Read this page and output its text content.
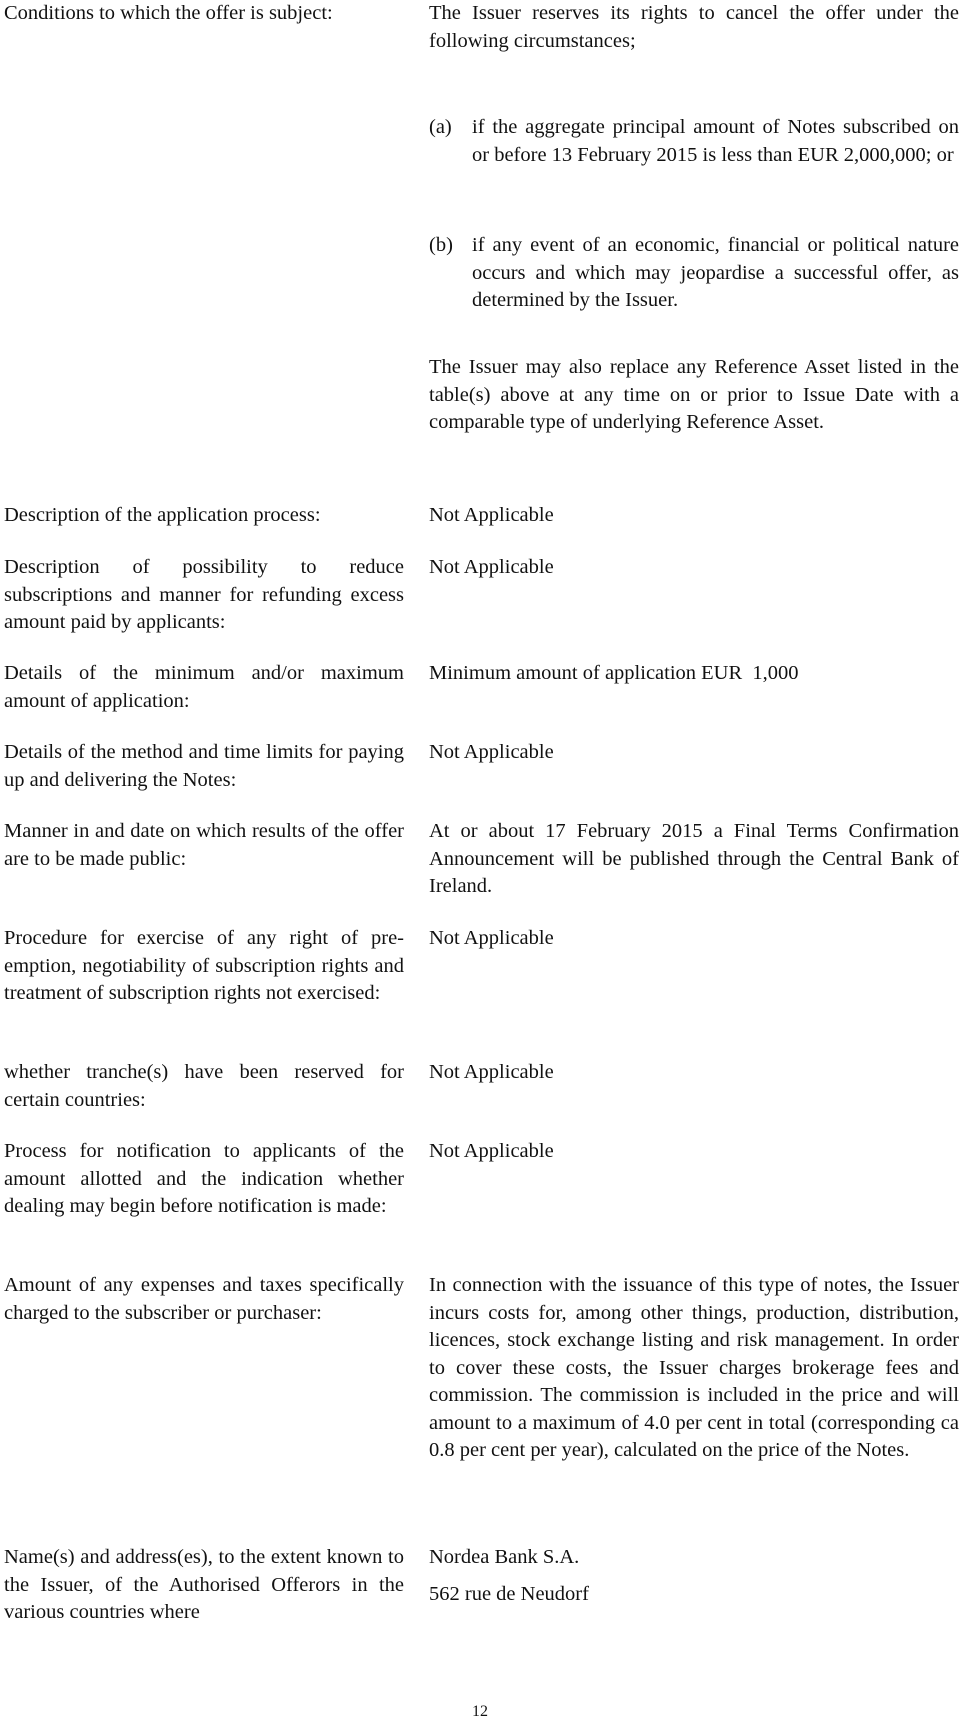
Conditions to which the offer is subject:	The Issuer reserves its rights to cancel the offer under the following circumstances;
(a) if the aggregate principal amount of Notes subscribed on or before 13 February 2015 is less than EUR 2,000,000; or
(b) if any event of an economic, financial or political nature occurs and which may jeopardise a successful offer, as determined by the Issuer.
The Issuer may also replace any Reference Asset listed in the table(s) above at any time on or prior to Issue Date with a comparable type of underlying Reference Asset.
Description of the application process:	Not Applicable
Description of possibility to reduce subscriptions and manner for refunding excess amount paid by applicants:
Not Applicable
Details of the minimum and/or maximum amount of application:
Minimum amount of application EUR  1,000
Details of the method and time limits for paying up and delivering the Notes:
Not Applicable
Manner in and date on which results of the offer are to be made public:
At or about 17 February 2015 a Final Terms Confirmation Announcement will be published through the Central Bank of Ireland.
Procedure for exercise of any right of pre-emption, negotiability of subscription rights and treatment of subscription rights not exercised:
Not Applicable
whether tranche(s) have been reserved for certain countries:
Not Applicable
Process for notification to applicants of the amount allotted and the indication whether dealing may begin before notification is made:
Not Applicable
Amount of any expenses and taxes specifically charged to the subscriber or purchaser:
In connection with the issuance of this type of notes, the Issuer incurs costs for, among other things, production, distribution, licences, stock exchange listing and risk management. In order to cover these costs, the Issuer charges brokerage fees and commission. The commission is included in the price and will amount to a maximum of 4.0 per cent in total (corresponding ca 0.8 per cent per year), calculated on the price of the Notes.
Name(s) and address(es), to the extent known to the Issuer, of the Authorised Offerors in the various countries where

Nordea Bank S.A.

562 rue de Neudorf

12
